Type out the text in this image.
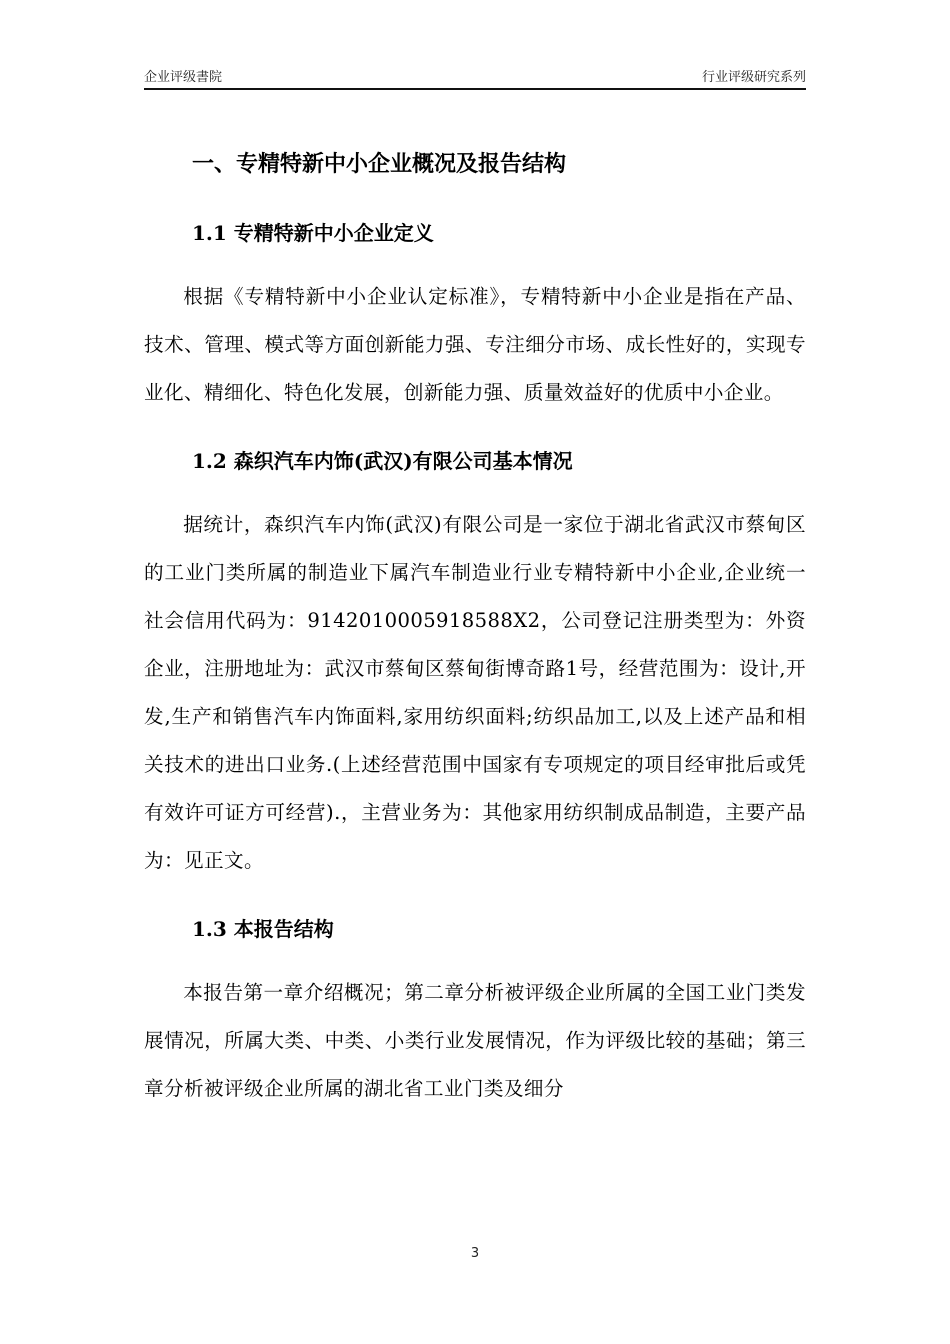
企业评级書院	行业评级研究系列
一、专精特新中小企业概况及报告结构
1.1 专精特新中小企业定义

根据《专精特新中小企业认定标准》，专精特新中小企业是指在产品、技术、管理、模式等方面创新能力强、专注细分市场、成长性好的，实现专业化、精细化、特色化发展，创新能力强、质量效益好的优质中小企业。

1.2 森织汽车内饰(武汉)有限公司基本情况

据统计，森织汽车内饰(武汉)有限公司是一家位于湖北省武汉市蔡甸区的工业门类所属的制造业下属汽车制造业行业专精特新中小企业,企业统一社会信用代码为：9142010005918588X2，公司登记注册类型为：外资企业，注册地址为：武汉市蔡甸区蔡甸街博奇路1号，经营范围为：设计,开发,生产和销售汽车内饰面料,家用纺织面料;纺织品加工,以及上述产品和相关技术的进出口业务.(上述经营范围中国家有专项规定的项目经审批后或凭有效许可证方可经营).，主营业务为：其他家用纺织制成品制造，主要产品为：见正文。

1.3 本报告结构

本报告第一章介绍概况；第二章分析被评级企业所属的全国工业门类发展情况，所属大类、中类、小类行业发展情况，作为评级比较的基础；第三章分析被评级企业所属的湖北省工业门类及细分

3
